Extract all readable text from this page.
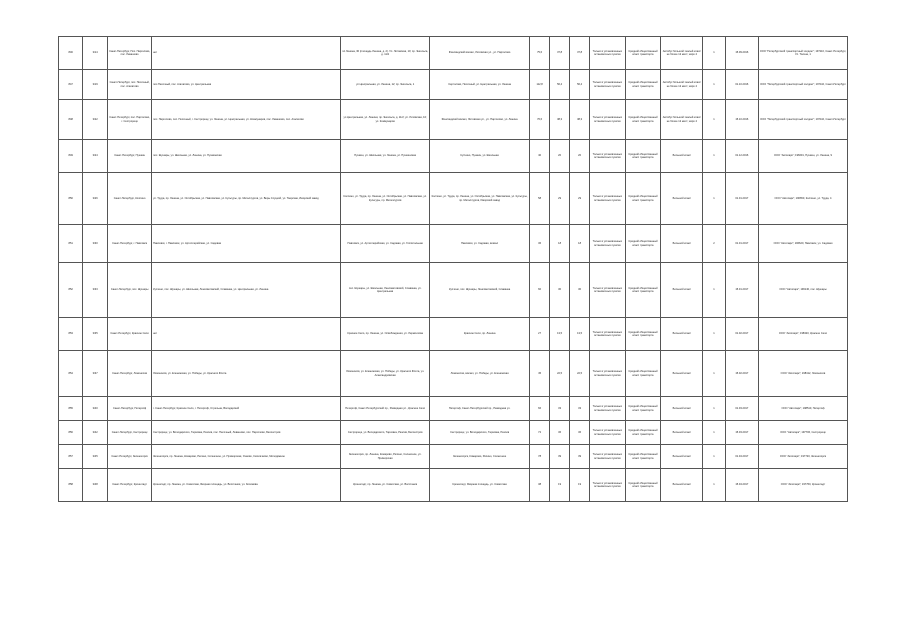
846	3/14	Санкт-Петербург, Пос. Парголово, пос. Левашово	нет	пл.Ленина, 30 (площадь Ленина, д. 2). Ул. Литовская, 10; пр. Энгельса, д. 11/2	Финляндский вокзал, Литовская ул., ул. Парголово	75,6	37,8	37,8	Только в установленных остановочных пунктах	Средний общественный класс транспорта	Автобус большой: малый класс не более 12 мест; евро 4	1	15.09.2016	ООО "Петербургский транспортный холдинг"; 197110, Санкт-Петербург, Ул. Тосина, 1
847	3/19	Санкт-Петербург, пос. Песочный, пос. Агалатово	пос.Песочный, пос. Агалатово, ул. Центральная	ул.Центральная, ул. Ленина, 12; пр. Энгельса, 1	Сертолово, Песочный, ул. Центральная, ул. Ленина	112,8	56,4	56,4	Только в установленных остановочных пунктах	Средний общественный класс транспорта	Автобус большой: малый класс не более 12 мест; евро 4	1	01.10.2016	ООО "Петербургский транспортный холдинг"; 197110, Санкт-Петербург
848	3/22	Санкт-Петербург, пос. Парголово, г. Сестрорецк	пос. Парголово, пос. Песочный, г. Сестрорецк, ул. Ленина, ул. Центральная, ул. Коммунаров, пос. Левашово, пос. Агалатово	ул.Центральная, ул. Ленина; пр. Энгельса, д. 11/2; ул. Литовская, 10; ул. Коммунаров	Финляндский вокзал, Литовская ул., ул. Парголово, ул. Ленина	76,6	38,3	38,3	Только в установленных остановочных пунктах	Средний общественный класс транспорта	Автобус большой: малый класс не более 12 мест; евро 4	1	15.10.2016	ООО "Петербургский транспортный холдинг"; 197110, Санкт-Петербург
849	3/24	Санкт-Петербург, Пушкин	пос. Шушары, ул. Школьная, ул. Ленина, ул. Пушкинская	Пушкин, ул. Школьная, ул. Ленина, ул. Пушкинская	Купчино, Пушкин, ул. Школьная	40	20	20	Только в установленных остановочных пунктах	Средний общественный класс транспорта	Большой класс	1	01.12.2016	ООО "Автопарк"; 196601, Пушкин, ул. Ленина, 9
850	3/26	Санкт-Петербург, Колпино	ул. Труда, пр. Ленина, ул. Октябрьская, ул. Павловская, ул. Культуры, пр. Металлургов, ул. Веры Слуцкой, ул. Тверская, Ижорский завод	Колпино, ул. Труда, пр. Ленина, ул. Октябрьская, ул. Павловская, ул. Культуры, пр. Металлургов	Колпино, ул. Труда, пр. Ленина, ул. Октябрьская, ул. Павловская, ул. Культуры, пр. Металлургов, Ижорский завод	58	29	29	Только в установленных остановочных пунктах	Средний общественный класс транспорта	Большой класс	1	01.01.2017	ООО "Автопарк"; 196650, Колпино, ул. Труда, 4
851	3/30	Санкт-Петербург, г. Павловск	Павловск, г. Павловск, ул. Артиллерийская, ул. Садовая	Павловск, ул. Артиллерийская, ул. Садовая, ул. Госпитальная	Павловск, ул. Садовая, вокзал	36	18	18	Только в установленных остановочных пунктах	Средний общественный класс транспорта	Большой класс	2	01.01.2017	ООО "Автопарк"; 196620, Павловск, ул. Садовая
852	3/33	Санкт-Петербург, пос. Шушары	Купчино, пос. Шушары, ул. Школьная, Ленсоветовский, Славянка, ул. Центральная, ул. Ленина	пос. Шушары, ул. Школьная, Ленсоветовский, Славянка, ул. Центральная	Купчино, пос. Шушары, Ленсоветовский, Славянка	60	30	30	Только в установленных остановочных пунктах	Средний общественный класс транспорта	Большой класс	1	15.01.2017	ООО "Автопарк"; 196140, пос. Шушары
853	3/35	Санкт-Петербург, Красное Село	нет	Красное Село, пр. Ленина, ул. Освобождения, ул. Лермонтова	Красное Село, пр. Ленина	27	13,5	13,5	Только в установленных остановочных пунктах	Средний общественный класс транспорта	Большой класс	1	01.02.2017	ООО "Автопарк"; 198320, Красное Село
854	3/37	Санкт-Петербург, Ломоносов	Ломоносов, ул. Еленинская, ул. Победы, ул. Красного Флота	Ломоносов, ул. Еленинская, ул. Победы, ул. Красного Флота, ул. Александровская	Ломоносов, вокзал, ул. Победы, ул. Еленинская	45	22,5	22,5	Только в установленных остановочных пунктах	Средний общественный класс транспорта	Большой класс	1	15.02.2017	ООО "Автопарк"; 198412, Ломоносов
855	3/40	Санкт-Петербург, Петергоф	г. Санкт-Петербург, Красное Село, г. Петергоф, Стрельна, Володарский	Петергоф, Санкт-Петербургский пр., Разводная ул., Красное Село	Петергоф, Санкт-Петербургский пр., Разводная ул.	66	33	33	Только в установленных остановочных пунктах	Средний общественный класс транспорта	Большой класс	1	01.03.2017	ООО "Автопарк"; 198510, Петергоф
856	3/42	Санкт-Петербург, Сестрорецк	Сестрорецк, ул. Володарского, Тарховка, Разлив, пос. Песочный, Левашово, пос. Парголово, Белоостров	Сестрорецк, ул. Володарского, Тарховка, Разлив, Белоостров	Сестрорецк, ул. Володарского, Тарховка, Разлив	72	36	36	Только в установленных остановочных пунктах	Средний общественный класс транспорта	Большой класс	1	15.03.2017	ООО "Автопарк"; 197706, Сестрорецк
857	3/45	Санкт-Петербург, Зеленогорск	Зеленогорск, пр. Ленина, Комарово, Репино, Солнечное, ул. Приморская, Ушково, Смолячково, Молодёжное	Зеленогорск, пр. Ленина, Комарово, Репино, Солнечное, ул. Приморская	Зеленогорск, Комарово, Репино, Солнечное	78	39	39	Только в установленных остановочных пунктах	Средний общественный класс транспорта	Большой класс	1	01.04.2017	ООО "Автопарк"; 197720, Зеленогорск
858	3/48	Санкт-Петербург, Кронштадт	Кронштадт, пр. Ленина, ул. Советская, Якорная площадь, ул. Восстания, ул. Зосимова	Кронштадт, пр. Ленина, ул. Советская, ул. Восстания	Кронштадт, Якорная площадь, ул. Советская	38	19	19	Только в установленных остановочных пунктах	Средний общественный класс транспорта	Большой класс	1	15.04.2017	ООО "Автопарк"; 197760, Кронштадт
